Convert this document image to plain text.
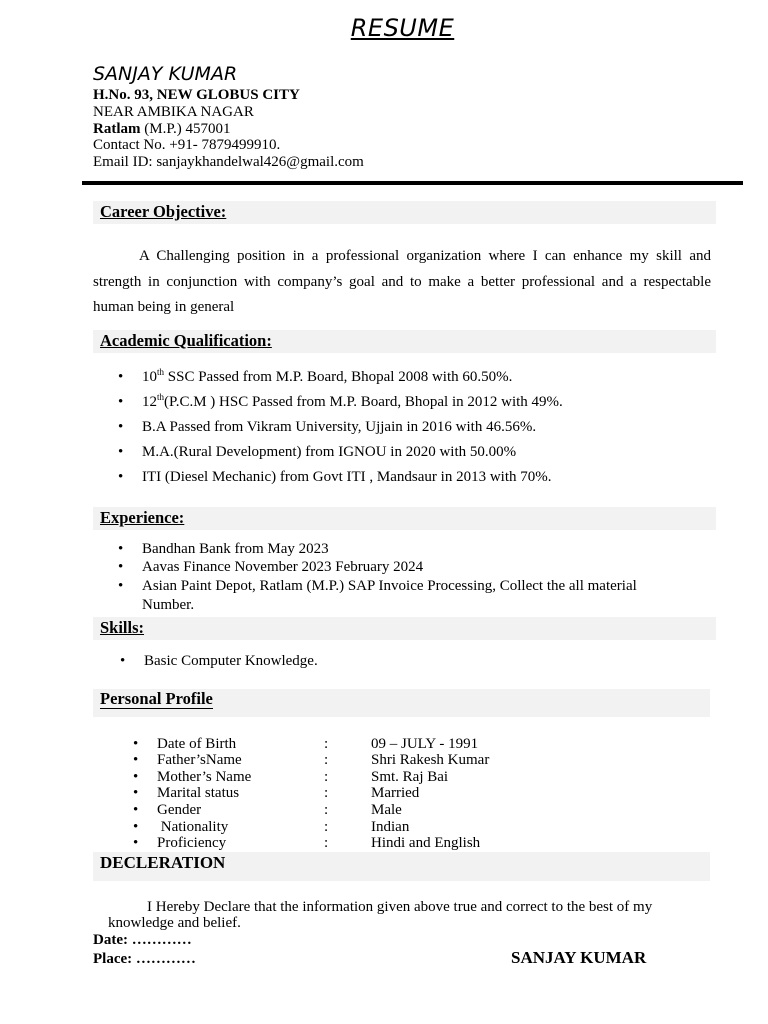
RESUME
SANJAY KUMAR
H.No. 93, NEW GLOBUS CITY
NEAR AMBIKA NAGAR
Ratlam (M.P.) 457001
Contact No. +91- 7879499910.
Email ID: sanjaykhandelwal426@gmail.com
Career Objective:
A Challenging position in a professional organization where I can enhance my skill and strength in conjunction with company’s goal and to make a better professional and a respectable human being in general
Academic Qualification:
• 10th SSC Passed from M.P. Board, Bhopal 2008 with 60.50%.
• 12th(P.C.M ) HSC Passed from M.P. Board, Bhopal in 2012 with 49%.
• B.A Passed from Vikram University, Ujjain in 2016 with 46.56%.
• M.A.(Rural Development) from IGNOU in 2020 with 50.00%
• ITI (Diesel Mechanic) from Govt ITI , Mandsaur in 2013 with 70%.
Experience:
• Bandhan Bank from May 2023
• Aavas Finance November 2023 February 2024
• Asian Paint Depot, Ratlam (M.P.) SAP Invoice Processing, Collect the all material
Number.
Skills:
• Basic Computer Knowledge.
Personal Profile
• Date of Birth	:	09 – JULY - 1991
• Father’sName	:	Shri Rakesh Kumar
• Mother’s Name	:	Smt. Raj Bai
• Marital status	:	Married
• Gender	:	Male
• Nationality	:	Indian
• Proficiency	:	Hindi and English
DECLERATION
I Hereby Declare that the information given above true and correct to the best of my
knowledge and belief.
Date: …………
Place: …………	SANJAY KUMAR
